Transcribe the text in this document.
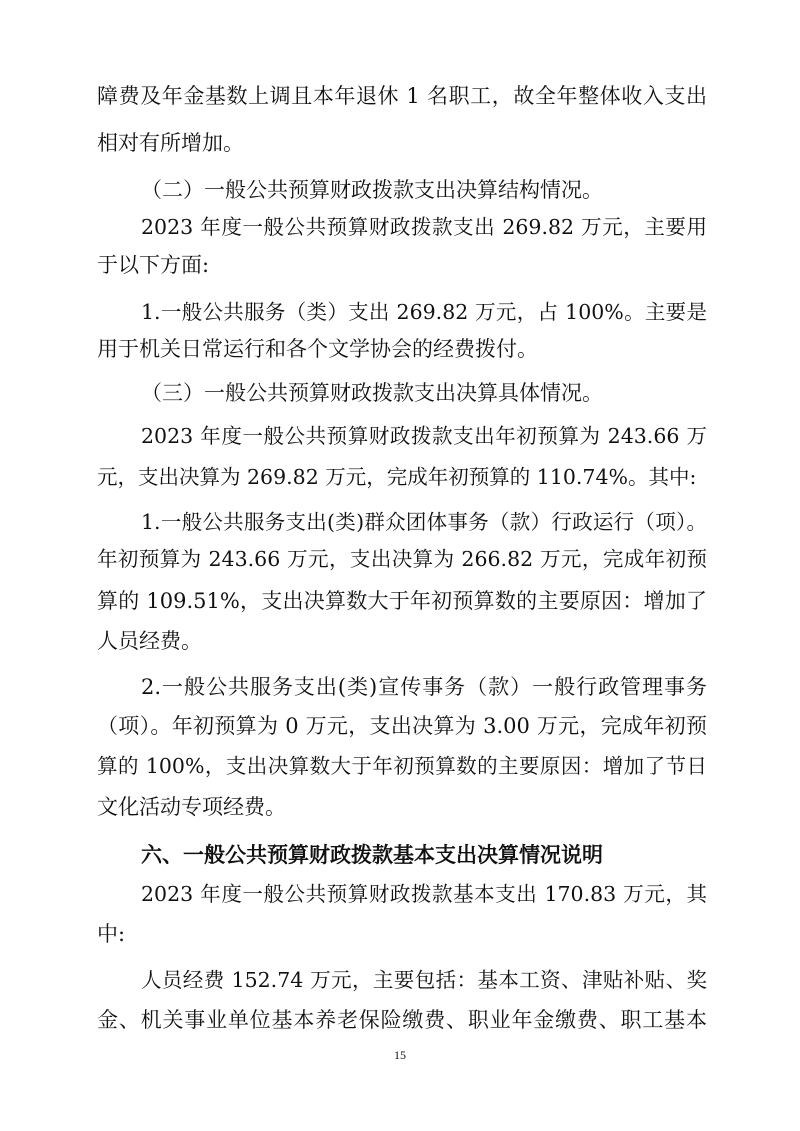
障费及年金基数上调且本年退休 1 名职工，故全年整体收入支出
相对有所增加。
（二）一般公共预算财政拨款支出决算结构情况。
2023 年度一般公共预算财政拨款支出 269.82 万元，主要用
于以下方面:
1.一般公共服务（类）支出 269.82 万元，占 100%。主要是
用于机关日常运行和各个文学协会的经费拨付。
（三）一般公共预算财政拨款支出决算具体情况。
2023 年度一般公共预算财政拨款支出年初预算为 243.66 万
元，支出决算为 269.82 万元，完成年初预算的 110.74%。其中:
1.一般公共服务支出(类)群众团体事务（款）行政运行（项）。
年初预算为 243.66 万元，支出决算为 266.82 万元，完成年初预
算的 109.51%，支出决算数大于年初预算数的主要原因：增加了
人员经费。
2.一般公共服务支出(类)宣传事务（款）一般行政管理事务
（项）。年初预算为 0 万元，支出决算为 3.00 万元，完成年初预
算的 100%，支出决算数大于年初预算数的主要原因：增加了节日
文化活动专项经费。
六、一般公共预算财政拨款基本支出决算情况说明
2023 年度一般公共预算财政拨款基本支出 170.83 万元，其
中:
人员经费 152.74 万元，主要包括：基本工资、津贴补贴、奖
金、机关事业单位基本养老保险缴费、职业年金缴费、职工基本
15
